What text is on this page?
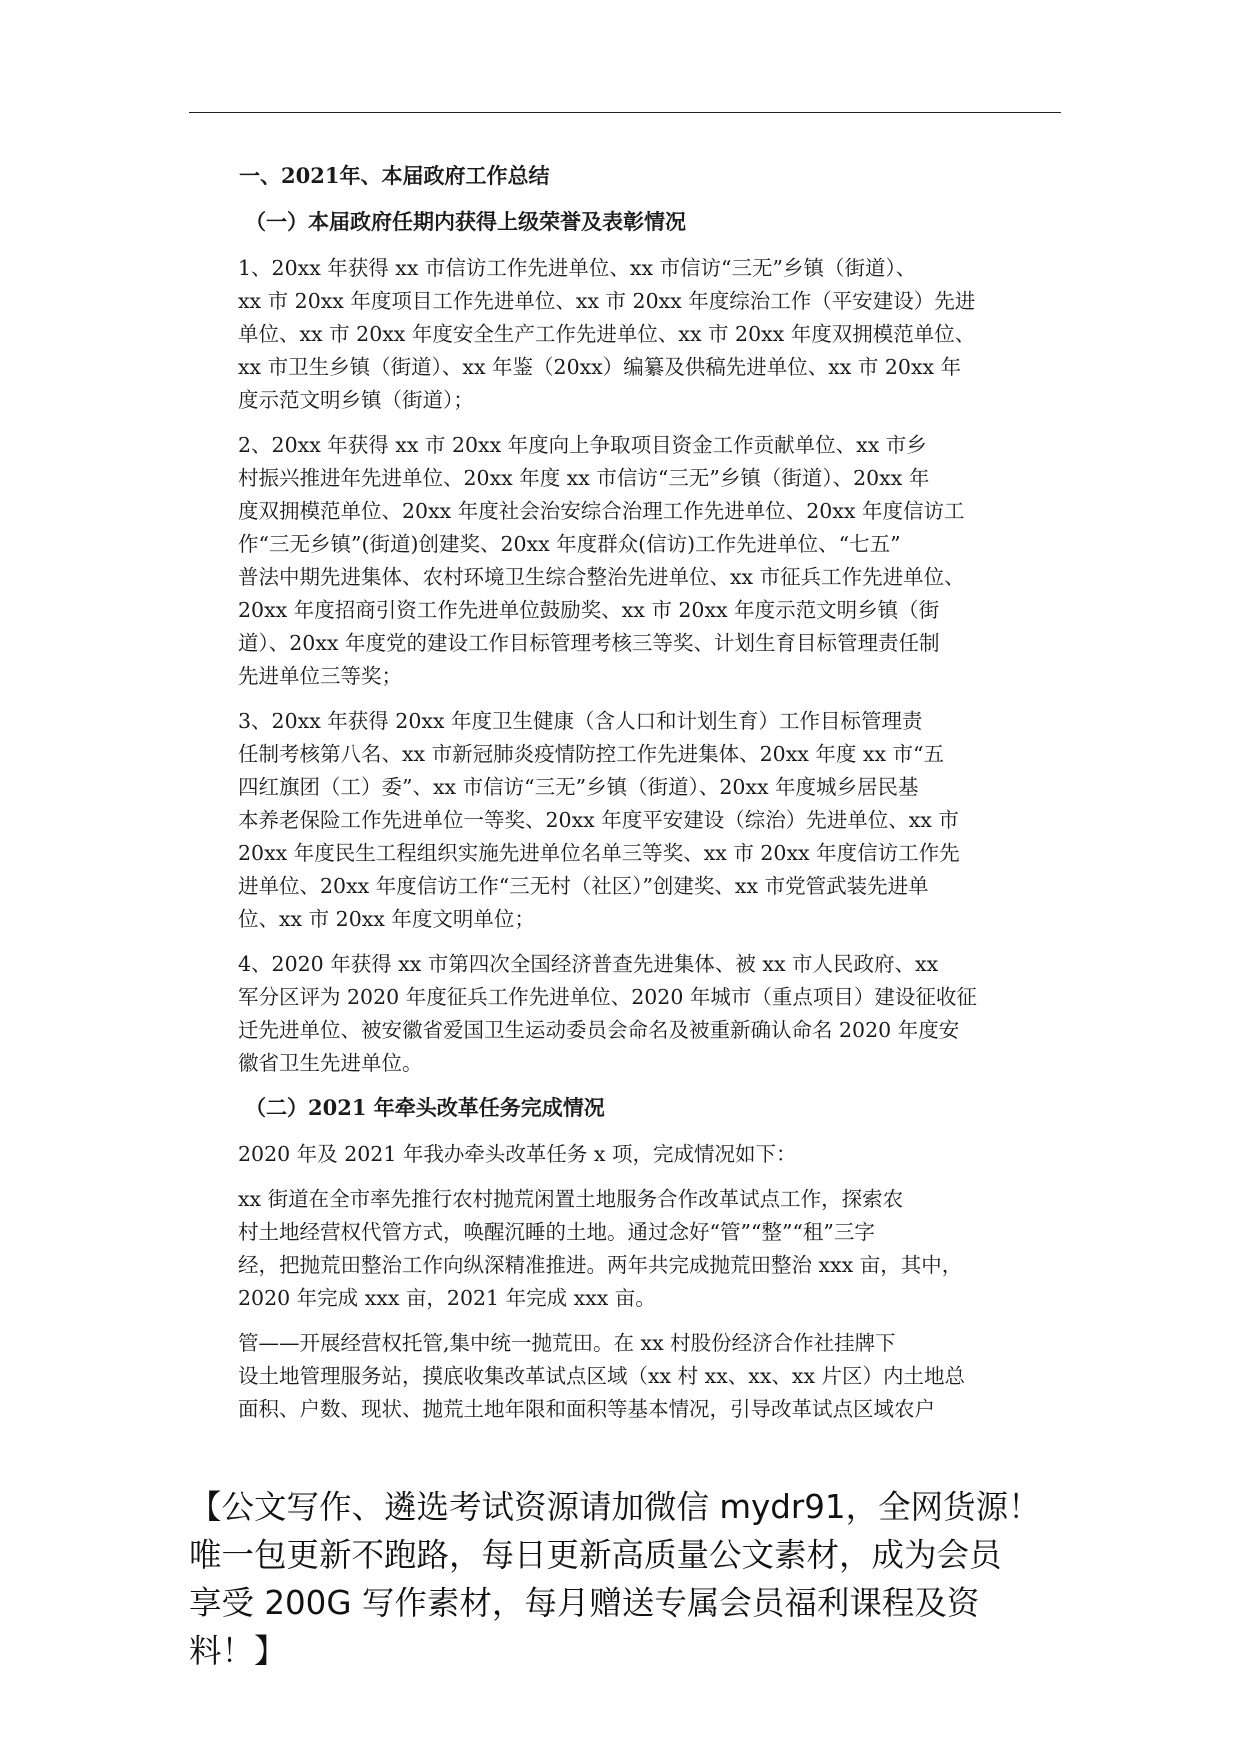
一、2021年、本届政府工作总结
（一）本届政府任期内获得上级荣誉及表彰情况
1、20xx 年获得 xx 市信访工作先进单位、xx 市信访“三无”乡镇（街道）、
xx 市 20xx 年度项目工作先进单位、xx 市 20xx 年度综治工作（平安建设）先进
单位、xx 市 20xx 年度安全生产工作先进单位、xx 市 20xx 年度双拥模范单位、
xx 市卫生乡镇（街道）、xx 年鉴（20xx）编纂及供稿先进单位、xx 市 20xx 年
度示范文明乡镇（街道）；
2、20xx 年获得 xx 市 20xx 年度向上争取项目资金工作贡献单位、xx 市乡
村振兴推进年先进单位、20xx 年度 xx 市信访“三无”乡镇（街道）、20xx 年
度双拥模范单位、20xx 年度社会治安综合治理工作先进单位、20xx 年度信访工
作“三无乡镇”(街道)创建奖、20xx 年度群众(信访)工作先进单位、“七五”
普法中期先进集体、农村环境卫生综合整治先进单位、xx 市征兵工作先进单位、
20xx 年度招商引资工作先进单位鼓励奖、xx 市 20xx 年度示范文明乡镇（街
道）、20xx 年度党的建设工作目标管理考核三等奖、计划生育目标管理责任制
先进单位三等奖；
3、20xx 年获得 20xx 年度卫生健康（含人口和计划生育）工作目标管理责
任制考核第八名、xx 市新冠肺炎疫情防控工作先进集体、20xx 年度 xx 市“五
四红旗团（工）委”、xx 市信访“三无”乡镇（街道）、20xx 年度城乡居民基
本养老保险工作先进单位一等奖、20xx 年度平安建设（综治）先进单位、xx 市
20xx 年度民生工程组织实施先进单位名单三等奖、xx 市 20xx 年度信访工作先
进单位、20xx 年度信访工作“三无村（社区）”创建奖、xx 市党管武装先进单
位、xx 市 20xx 年度文明单位；
4、2020 年获得 xx 市第四次全国经济普查先进集体、被 xx 市人民政府、xx
军分区评为 2020 年度征兵工作先进单位、2020 年城市（重点项目）建设征收征
迁先进单位、被安徽省爱国卫生运动委员会命名及被重新确认命名 2020 年度安
徽省卫生先进单位。
（二）2021 年牵头改革任务完成情况
2020 年及 2021 年我办牵头改革任务 x 项，完成情况如下：
xx 街道在全市率先推行农村抛荒闲置土地服务合作改革试点工作，探索农
村土地经营权代管方式，唤醒沉睡的土地。通过念好“管”“整”“租”三字
经，把抛荒田整治工作向纵深精准推进。两年共完成抛荒田整治 xxx 亩，其中，
2020 年完成 xxx 亩，2021 年完成 xxx 亩。
管——开展经营权托管,集中统一抛荒田。在 xx 村股份经济合作社挂牌下
设土地管理服务站，摸底收集改革试点区域（xx 村 xx、xx、xx 片区）内土地总
面积、户数、现状、抛荒土地年限和面积等基本情况，引导改革试点区域农户
【公文写作、遴选考试资源请加微信 mydr91，全网货源！
唯一包更新不跑路，每日更新高质量公文素材，成为会员
享受 200G 写作素材，每月赠送专属会员福利课程及资
料！】
